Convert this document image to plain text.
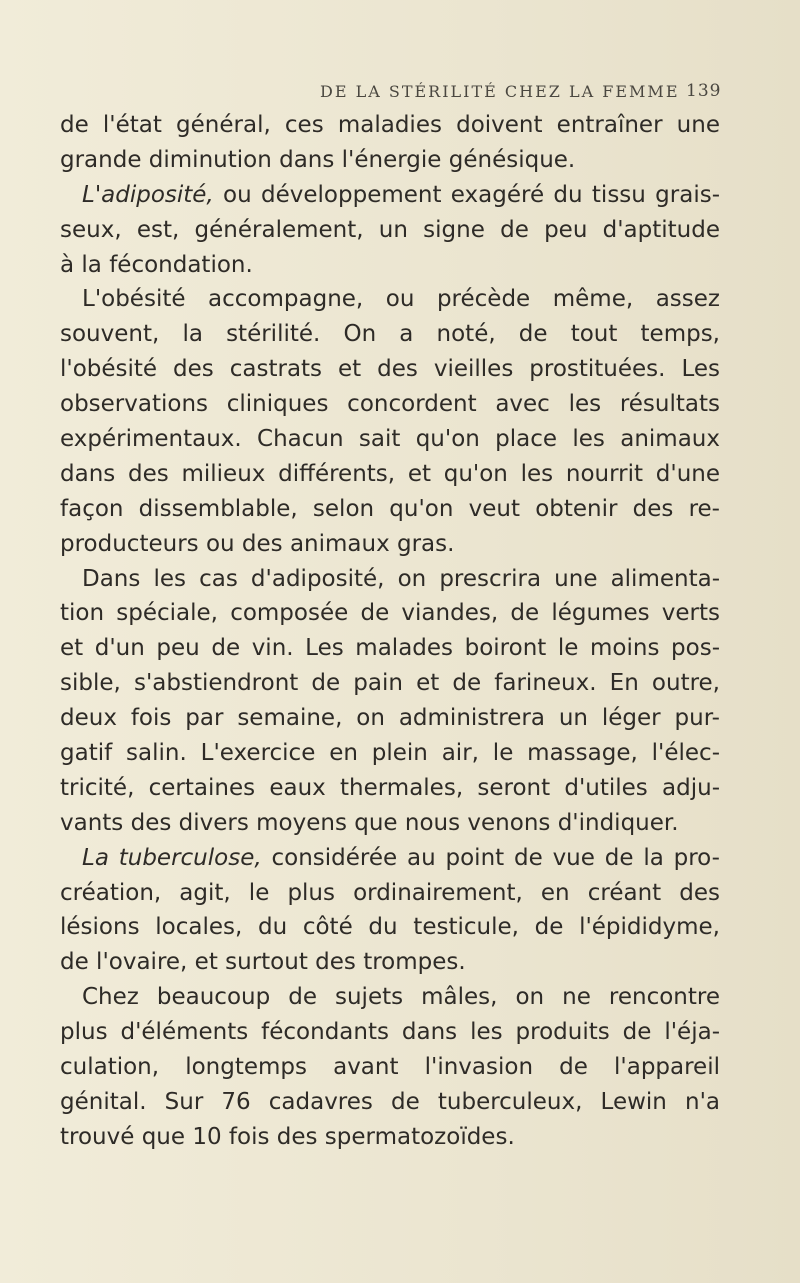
DE LA STÉRILITÉ CHEZ LA FEMME 139
de l'état général, ces maladies doivent entraîner une
grande diminution dans l'énergie génésique.
L'adiposité, ou développement exagéré du tissu grais-
seux, est, généralement, un signe de peu d'aptitude
à la fécondation.
L'obésité accompagne, ou précède même, assez
souvent, la stérilité. On a noté, de tout temps,
l'obésité des castrats et des vieilles prostituées. Les
observations cliniques concordent avec les résultats
expérimentaux. Chacun sait qu'on place les animaux
dans des milieux différents, et qu'on les nourrit d'une
façon dissemblable, selon qu'on veut obtenir des re-
producteurs ou des animaux gras.
Dans les cas d'adiposité, on prescrira une alimenta-
tion spéciale, composée de viandes, de légumes verts
et d'un peu de vin. Les malades boiront le moins pos-
sible, s'abstiendront de pain et de farineux. En outre,
deux fois par semaine, on administrera un léger pur-
gatif salin. L'exercice en plein air, le massage, l'élec-
tricité, certaines eaux thermales, seront d'utiles adju-
vants des divers moyens que nous venons d'indiquer.
La tuberculose, considérée au point de vue de la pro-
création, agit, le plus ordinairement, en créant des
lésions locales, du côté du testicule, de l'épididyme,
de l'ovaire, et surtout des trompes.
Chez beaucoup de sujets mâles, on ne rencontre
plus d'éléments fécondants dans les produits de l'éja-
culation, longtemps avant l'invasion de l'appareil
génital. Sur 76 cadavres de tuberculeux, Lewin n'a
trouvé que 10 fois des spermatozoïdes.
